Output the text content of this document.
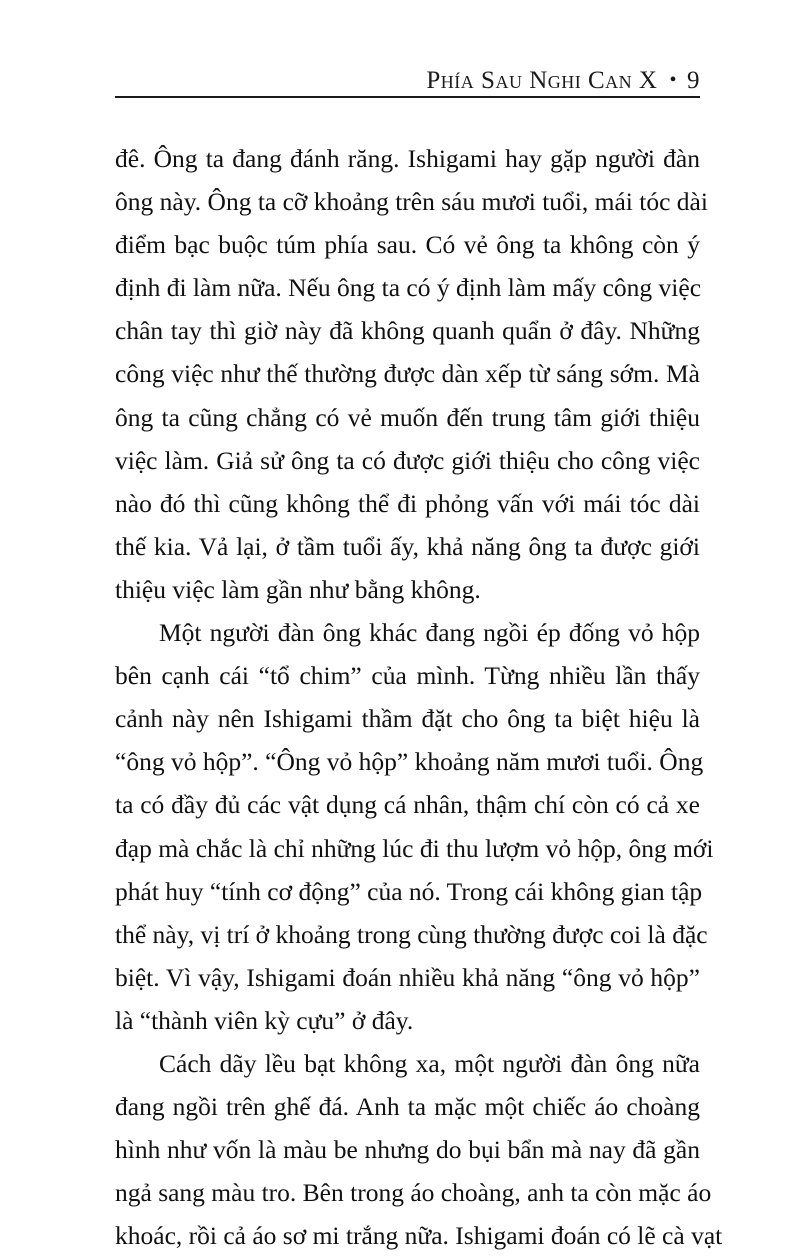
Phía Sau Nghi Can X • 9
đê. Ông ta đang đánh răng. Ishigami hay gặp người đàn
ông này. Ông ta cỡ khoảng trên sáu mươi tuổi, mái tóc dài
điểm bạc buộc túm phía sau. Có vẻ ông ta không còn ý
định đi làm nữa. Nếu ông ta có ý định làm mấy công việc
chân tay thì giờ này đã không quanh quẩn ở đây. Những
công việc như thế thường được dàn xếp từ sáng sớm. Mà
ông ta cũng chẳng có vẻ muốn đến trung tâm giới thiệu
việc làm. Giả sử ông ta có được giới thiệu cho công việc
nào đó thì cũng không thể đi phỏng vấn với mái tóc dài
thế kia. Vả lại, ở tầm tuổi ấy, khả năng ông ta được giới
thiệu việc làm gần như bằng không.
Một người đàn ông khác đang ngồi ép đống vỏ hộp
bên cạnh cái “tổ chim” của mình. Từng nhiều lần thấy
cảnh này nên Ishigami thầm đặt cho ông ta biệt hiệu là
“ông vỏ hộp”. “Ông vỏ hộp” khoảng năm mươi tuổi. Ông
ta có đầy đủ các vật dụng cá nhân, thậm chí còn có cả xe
đạp mà chắc là chỉ những lúc đi thu lượm vỏ hộp, ông mới
phát huy “tính cơ động” của nó. Trong cái không gian tập
thể này, vị trí ở khoảng trong cùng thường được coi là đặc
biệt. Vì vậy, Ishigami đoán nhiều khả năng “ông vỏ hộp”
là “thành viên kỳ cựu” ở đây.
Cách dãy lều bạt không xa, một người đàn ông nữa
đang ngồi trên ghế đá. Anh ta mặc một chiếc áo choàng
hình như vốn là màu be nhưng do bụi bẩn mà nay đã gần
ngả sang màu tro. Bên trong áo choàng, anh ta còn mặc áo
khoác, rồi cả áo sơ mi trắng nữa. Ishigami đoán có lẽ cà vạt
